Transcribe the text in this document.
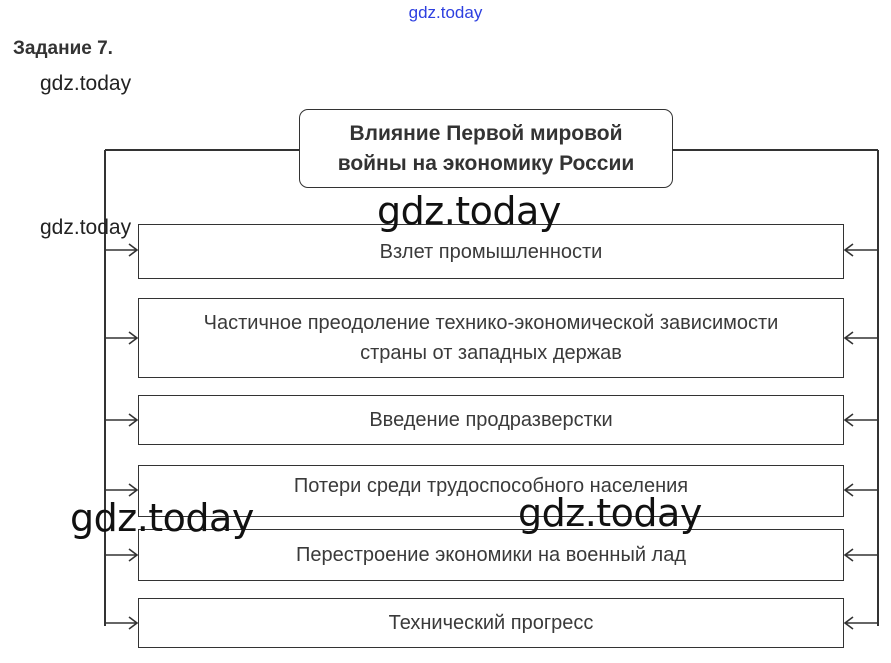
gdz.today
Задание 7.
gdz.today
Влияние Первой мировой
войны на экономику России
Взлет промышленности
Частичное преодоление технико-экономической зависимости
страны от западных держав
Введение продразверстки
Потери среди трудоспособного населения
Перестроение экономики на военный лад
Технический прогресс
gdz.today	gdz.today
gdz.today	gdz.today
